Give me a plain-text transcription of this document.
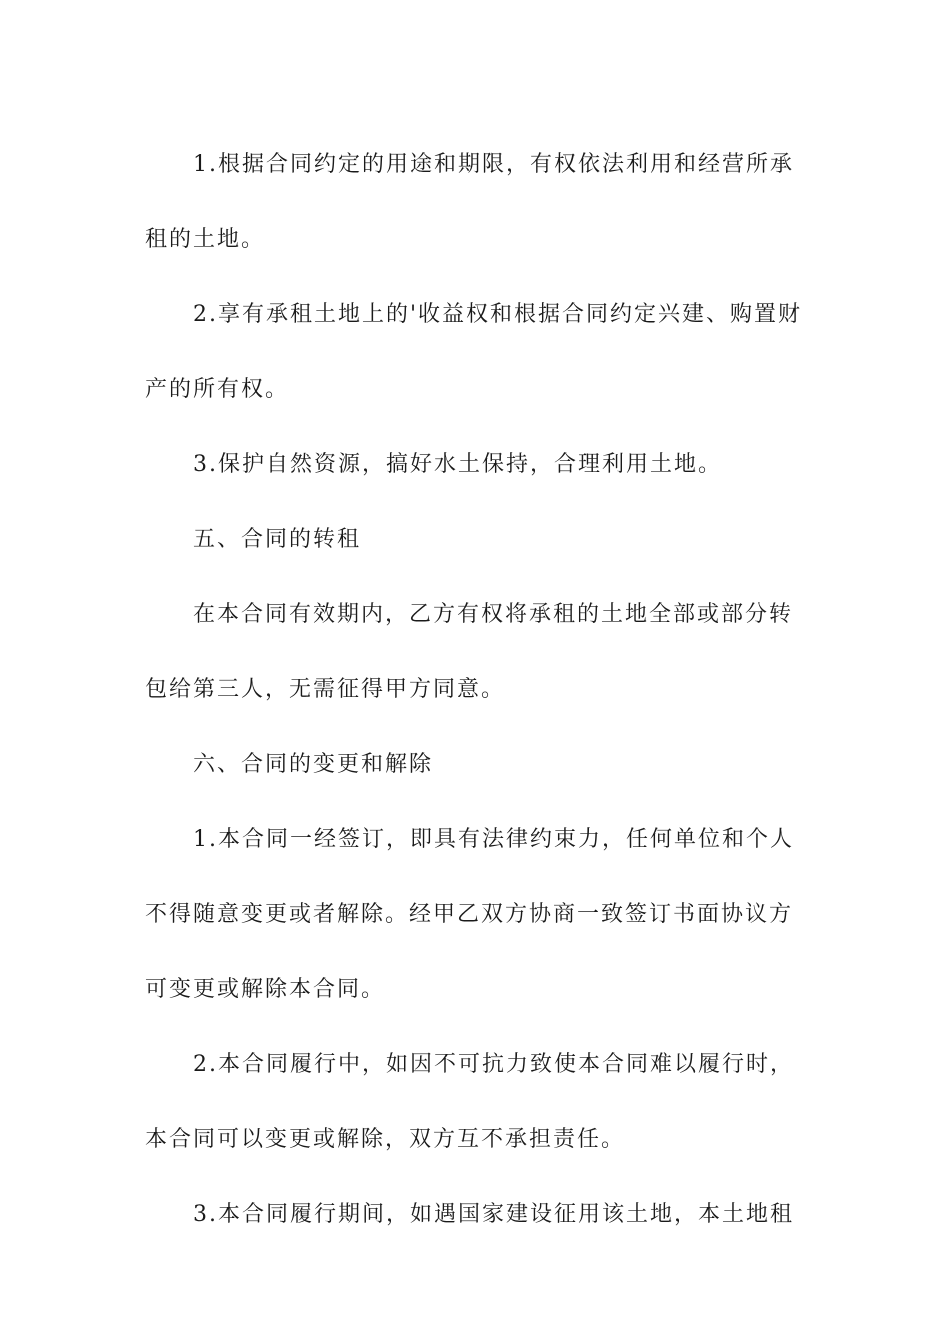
1.根据合同约定的用途和期限，有权依法利用和经营所承
租的土地。
2.享有承租土地上的'收益权和根据合同约定兴建、购置财
产的所有权。
3.保护自然资源，搞好水土保持，合理利用土地。
五、合同的转租
在本合同有效期内，乙方有权将承租的土地全部或部分转
包给第三人，无需征得甲方同意。
六、合同的变更和解除
1.本合同一经签订，即具有法律约束力，任何单位和个人
不得随意变更或者解除。经甲乙双方协商一致签订书面协议方
可变更或解除本合同。
2.本合同履行中，如因不可抗力致使本合同难以履行时，
本合同可以变更或解除，双方互不承担责任。
3.本合同履行期间，如遇国家建设征用该土地，本土地租
